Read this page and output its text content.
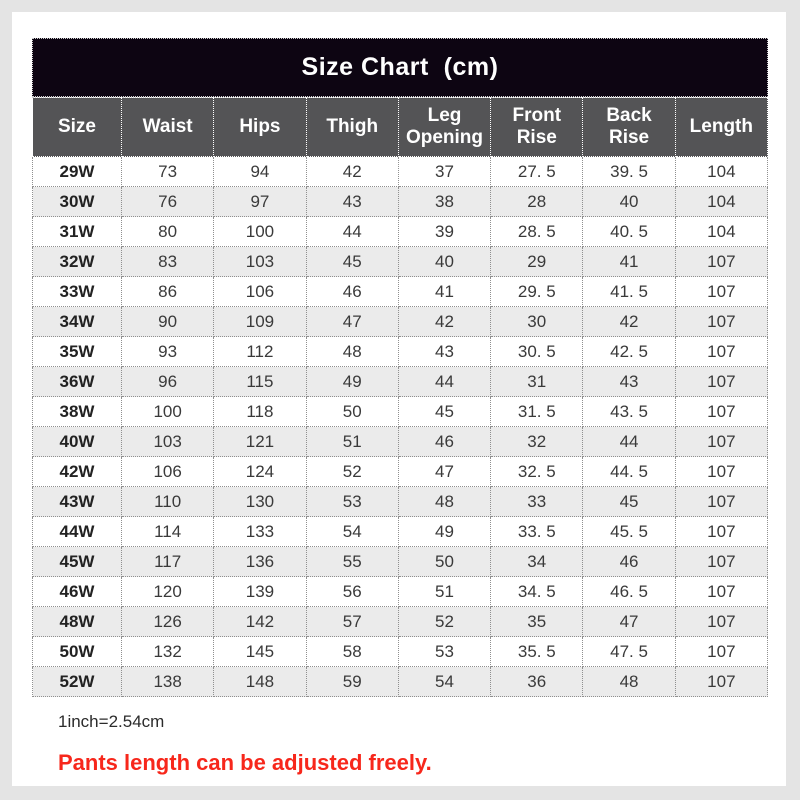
Size Chart  (cm)
Size	Waist	Hips	Thigh	Leg Opening	Front Rise	Back Rise	Length
29W	73	94	42	37	27. 5	39. 5	104
30W	76	97	43	38	28	40	104
31W	80	100	44	39	28. 5	40. 5	104
32W	83	103	45	40	29	41	107
33W	86	106	46	41	29. 5	41. 5	107
34W	90	109	47	42	30	42	107
35W	93	112	48	43	30. 5	42. 5	107
36W	96	115	49	44	31	43	107
38W	100	118	50	45	31. 5	43. 5	107
40W	103	121	51	46	32	44	107
42W	106	124	52	47	32. 5	44. 5	107
43W	110	130	53	48	33	45	107
44W	114	133	54	49	33. 5	45. 5	107
45W	117	136	55	50	34	46	107
46W	120	139	56	51	34. 5	46. 5	107
48W	126	142	57	52	35	47	107
50W	132	145	58	53	35. 5	47. 5	107
52W	138	148	59	54	36	48	107
1inch=2.54cm
Pants length can be adjusted freely.
